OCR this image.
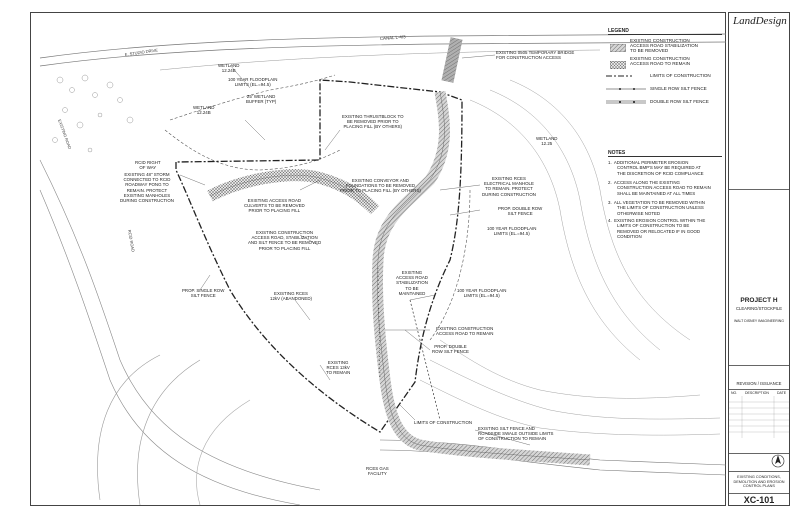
EXISTING ROAD
CANAL L-4/3
E. STUDIO DRIVE
RCID ROAD
LEGEND
EXISTING CONSTRUCTION
ACCESS ROAD STABILIZATION
TO BE REMOVED
EXISTING CONSTRUCTION
ACCESS ROAD TO REMAIN
LIMITS OF CONSTRUCTION
SINGLE ROW SILT FENCE
DOUBLE ROW SILT FENCE
NOTES
1. ADDITIONAL PERIMETER EROSION
CONTROL BMP'S MAY BE REQUIRED AT
THE DISCRETION OF RCID COMPLIANCE
2. ACCESS ALONG THE EXISTING
CONSTRUCTION ACCESS ROAD TO REMAIN
SHALL BE MAINTAINED AT ALL TIMES
3. ALL VEGETATION TO BE REMOVED WITHIN
THE LIMITS OF CONSTRUCTION UNLESS
OTHERWISE NOTED
4. EXISTING EROSION CONTROL WITHIN THE
LIMITS OF CONSTRUCTION TO BE
REMOVED OR RELOCATED IF IN GOOD
CONDITION
EXISTING 0505 TEMPORARY BRIDGE
FOR CONSTRUCTION ACCESS
WETLAND
12.24B
100 YEAR FLOODPLAIN
LIMITS (EL.=94.5)
25' WETLAND
BUFFER (TYP)
WETLAND
12.24B
EXISTING THRUSTBLOCK TO
BE REMOVED PRIOR TO
PLACING FILL (BY OTHERS)
WETLAND
12.25
RCID RIGHT
OF WAY
EXISTING 48" STORM
CONNECTED TO RCID
ROADWAY PONG TO
REMAIN. PROTECT
EXISTING MANHOLES
DURING CONSTRUCTION
EXISTING CONVEYOR AND
FOUNDATIONS TO BE REMOVED
PRIOR TO PLACING FILL (BY OTHERS)
EXISTING ACCESS ROAD
CULVERTS TO BE REMOVED
PRIOR TO PLACING FILL
EXISTING RCES
ELECTRICAL MANHOLE
TO REMAIN. PROTECT
DURING CONSTRUCTION
PROP. DOUBLE ROW
SILT FENCE
100 YEAR FLOODPLAIN
LIMITS (EL.=94.5)
EXISTING CONSTRUCTION
ACCESS ROAD, STABILIZATION
AND SILT FENCE TO BE REMOVED
PRIOR TO PLACING FILL
EXISTING
ACCESS ROAD
STABILIZATION
TO BE
MAINTAINED
PROP. SINGLE ROW
SILT FENCE	EXISTING RCES
12kV (ABANDONED)
100 YEAR FLOODPLAIN
LIMITS (EL.=94.5)
EXISTING CONSTRUCTION
ACCESS ROAD TO REMAIN
PROP. DOUBLE
ROW SILT FENCE
EXISTING
RCES 13kV
TO REMAIN
LIMITS OF CONSTRUCTION
EXISTING SILT FENCE AND
ROADSIDE SWALE OUTSIDE LIMITS
OF CONSTRUCTION TO REMAIN
RCES GAS
FACILITY
LandDesign
PROJECT H
CLEARING/STOCKPILE
WALT DISNEY IMAGINEERING
REVISION / ISSUANCE
NO. DESCRIPTION DATE
EXISTING CONDITIONS,
DEMOLITION AND EROSION
CONTROL PLANS
XC-101
